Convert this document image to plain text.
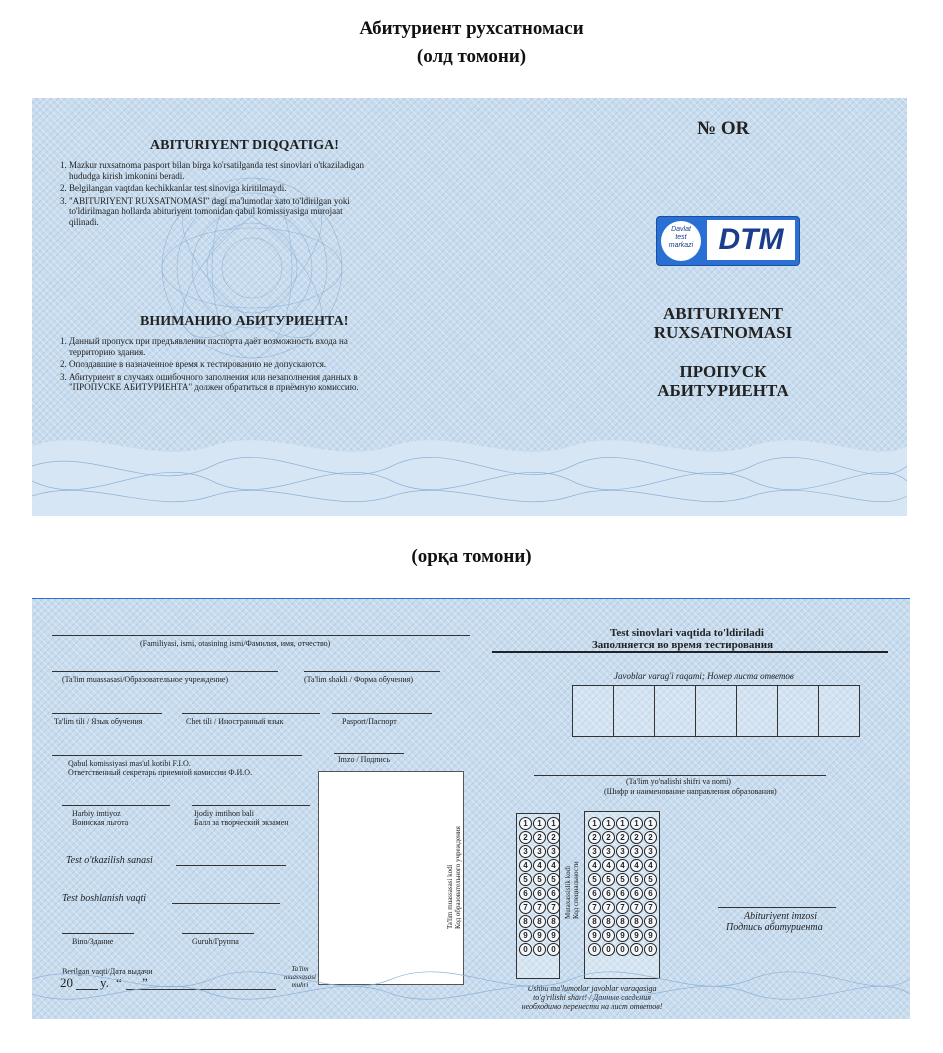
Абитуриент рухсатномаси
(олд томони)
(орқа томони)
ABITURIYENT DIQQATIGA!
1. Mazkur ruxsatnoma pasport bilan birga ko'rsatilganda test sinovlari o'tkaziladigan
hududga kirish imkonini beradi.
2. Belgilangan vaqtdan kechikkanlar test sinoviga kiritilmaydi.
3. "ABITURIYENT RUXSATNOMASI" dagi ma'lumotlar xato to'ldirilgan yoki
to'ldirilmagan hollarda abituriyent tomonidan qabul komissiyasiga murojaat
qilinadi.
ВНИМАНИЮ АБИТУРИЕНТА!
1. Данный пропуск при предъявлении паспорта даёт возможность входа на
территорию здания.
2. Опоздавшие в назначенное время к тестированию не допускаются.
3. Абитуриент в случаях ошибочного заполнения или незаполнения данных в
"ПРОПУСКЕ АБИТУРИЕНТА" должен обратиться в приёмную комиссию.
№ OR
Davlat
test
markazi DTM
ABITURIYENT
RUXSATNOMASI
ПРОПУСК
АБИТУРИЕНТА
(Familiyasi, ismi, otasining ismi/Фамилия, имя, отчество)
(Ta'lim muassasasi/Образовательное учреждение)	(Ta'lim shakli / Форма обучения)
Ta'lim tili / Язык обучения	Chet tili / Иностранный язык	Pasport/Паспорт
Imzo / Подпись
Qabul komissiyasi mas'ul kotibi F.I.O.
Ответственный секретарь приемной комиссии Ф.И.О.
Harbiy imtiyoz
Воинская льгота
Ijodiy imtihon bali
Балл за творческий экзамен
Test o'tkazilish sanasi
Test boshlanish vaqti
Bino/Здание	Guruh/Группа
Berilgan vaqti/Дата выдачи
20 y. “ ”
Ta'lim
muassasasi
muhri
Test sinovlari vaqtida to'ldiriladi
Заполняется во время тестирования
Javoblar varag'i raqami; Номер листа ответов
(Ta'lim yo'nalishi shifri va nomi)
(Шифр и наименование направления образования)
Ta'lim muassasasi kodi Код образовательного учреждения	Mutaxassislik kodi Код специальности
1
2
3
4
5
6
7
8
9
0
1
2
3
4
5
6
7
8
9
0
1
2
3
4
5
6
7
8
9
0
1
2
3
4
5
6
7
8
9
0
1
2
3
4
5
6
7
8
9
0
1
2
3
4
5
6
7
8
9
0
1
2
3
4
5
6
7
8
9
0
1
2
3
4
5
6
7
8
9
0
Abituriyent imzosi
Подпись абитуриента
Ushbu ma'lumotlar javoblar varaqasiga
to'g'rilishi shart! / Данные сведения
необходимо перенести на лист ответов!
